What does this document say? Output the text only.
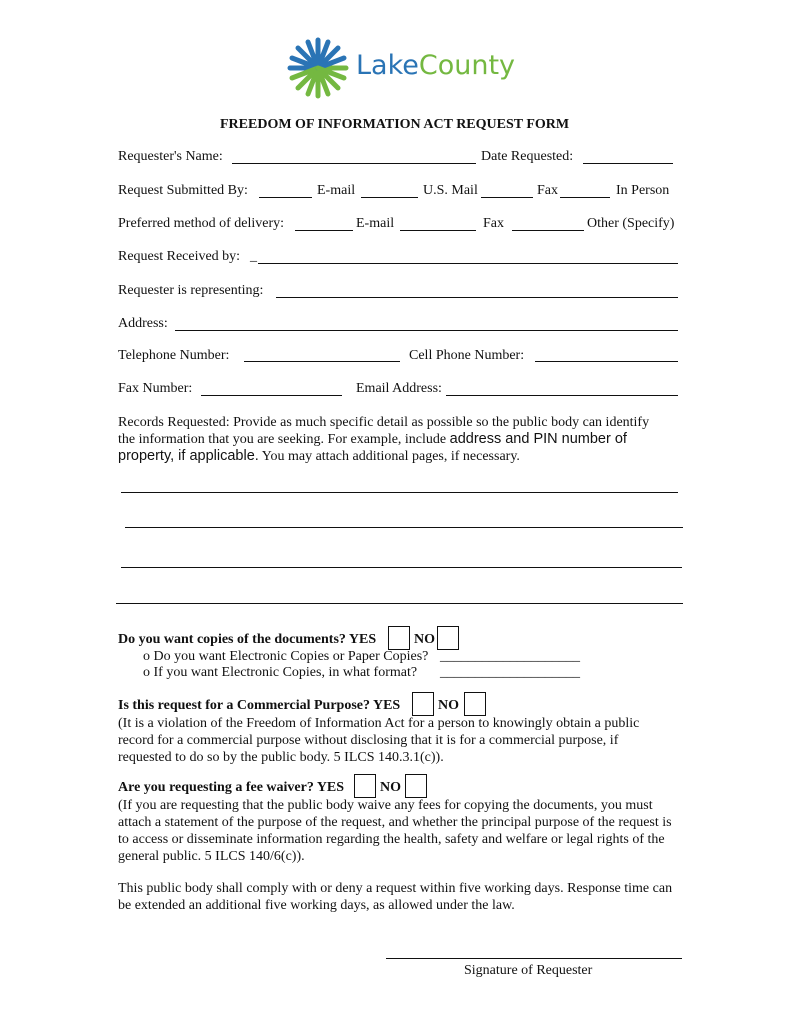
LakeCounty
FREEDOM OF INFORMATION ACT REQUEST FORM
Requester's Name:	Date Requested:
Request Submitted By:	E-mail	U.S. Mail	Fax	In Person
Preferred method of delivery:	E-mail	Fax	Other (Specify)
Request Received by: _
Requester is representing:
Address:
Telephone Number:	Cell Phone Number:
Fax Number:	Email Address:
Records Requested: Provide as much specific detail as possible so the public body can identify
the information that you are seeking. For example, include address and PIN number of
property, if applicable. You may attach additional pages, if necessary.
Do you want copies of the documents? YES	NO
o Do you want Electronic Copies or Paper Copies? ____________________
o If you want Electronic Copies, in what format? ____________________
Is this request for a Commercial Purpose? YES	NO
(It is a violation of the Freedom of Information Act for a person to knowingly obtain a public record for a commercial purpose without disclosing that it is for a commercial purpose, if requested to do so by the public body. 5 ILCS 140.3.1(c)).
Are you requesting a fee waiver? YES	NO
(If you are requesting that the public body waive any fees for copying the documents, you must attach a statement of the purpose of the request, and whether the principal purpose of the request is to access or disseminate information regarding the health, safety and welfare or legal rights of the general public. 5 ILCS 140/6(c)).
This public body shall comply with or deny a request within five working days. Response time can be extended an additional five working days, as allowed under the law.
Signature of Requester
